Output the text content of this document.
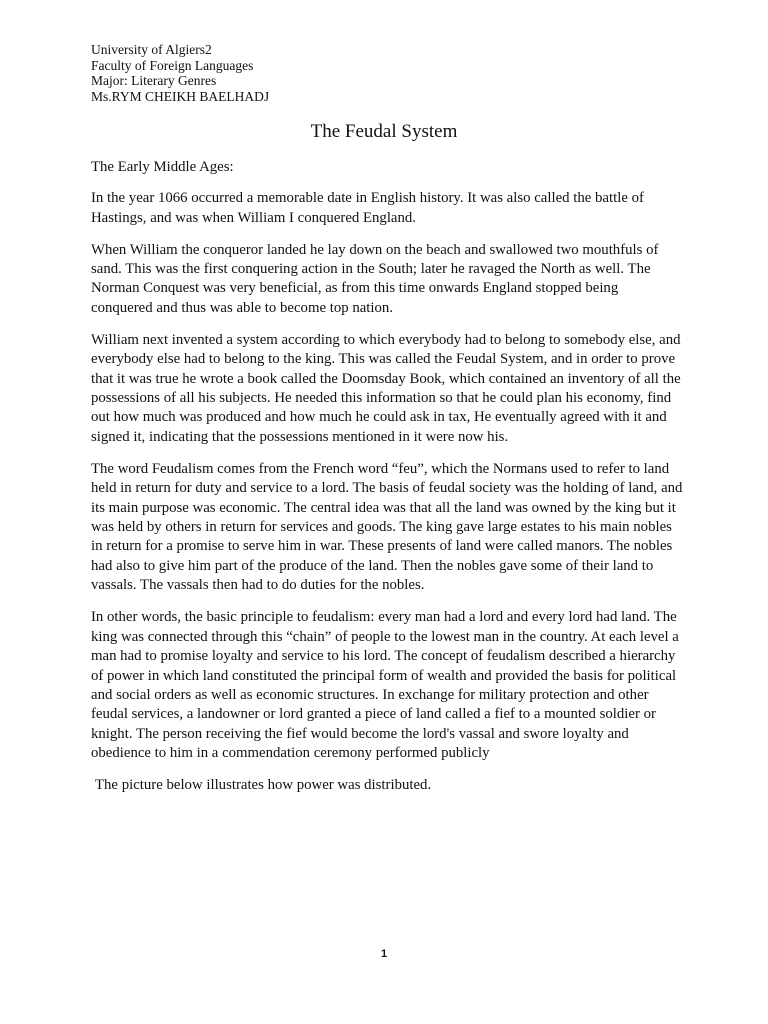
University of Algiers2
Faculty of Foreign Languages
Major: Literary Genres
Ms.RYM CHEIKH BAELHADJ
The Feudal System

The Early Middle Ages:

In the year 1066 occurred a memorable date in English history. It was also called the battle of Hastings, and was when William I conquered England.

When William the conqueror landed he lay down on the beach and swallowed two mouthfuls of sand. This was the first conquering action in the South; later he ravaged the North as well. The Norman Conquest was very beneficial, as from this time onwards England stopped being conquered and thus was able to become top nation.

William next invented a system according to which everybody had to belong to somebody else, and everybody else had to belong to the king. This was called the Feudal System, and in order to prove that it was true he wrote a book called the Doomsday Book, which contained an inventory of all the possessions of all his subjects. He needed this information so that he could plan his economy, find out how much was produced and how much he could ask in tax, He eventually agreed with it and signed it, indicating that the possessions mentioned in it were now his.

The word Feudalism comes from the French word “feu”, which the Normans used to refer to land held in return for duty and service to a lord. The basis of feudal society was the holding of land, and its main purpose was economic. The central idea was that all the land was owned by the king but it was held by others in return for services and goods. The king gave large estates to his main nobles in return for a promise to serve him in war. These presents of land were called manors. The nobles had also to give him part of the produce of the land. Then the nobles gave some of their land to vassals. The vassals then had to do duties for the nobles.

In other words, the basic principle to feudalism: every man had a lord and every lord had land. The king was connected through this “chain” of people to the lowest man in the country. At each level a man had to promise loyalty and service to his lord. The concept of feudalism described a hierarchy of power in which land constituted the principal form of wealth and provided the basis for political and social orders as well as economic structures. In exchange for military protection and other feudal services, a landowner or lord granted a piece of land called a fief to a mounted soldier or knight. The person receiving the fief would become the lord's vassal and swore loyalty and obedience to him in a commendation ceremony performed publicly

The picture below illustrates how power was distributed.

1
